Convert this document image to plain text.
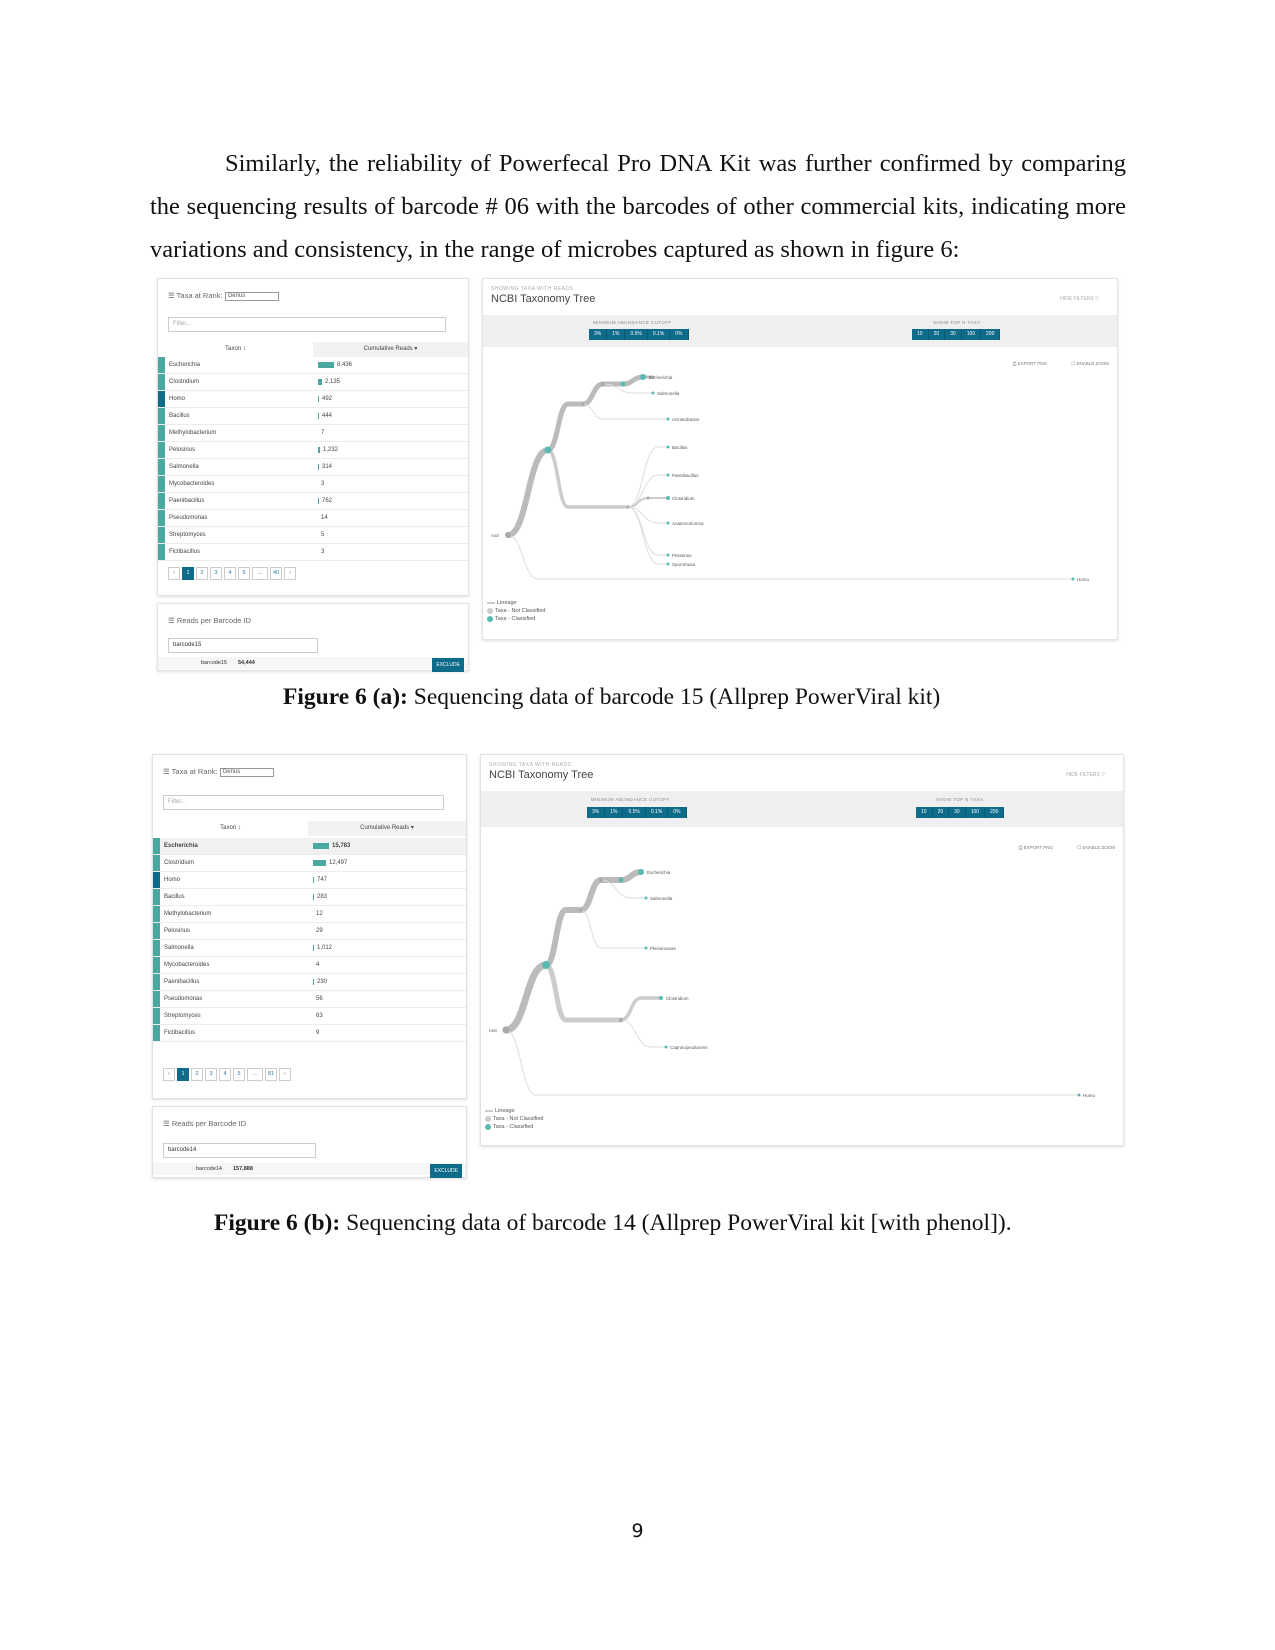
Similarly, the reliability of Powerfecal Pro DNA Kit was further confirmed by comparing the sequencing results of barcode # 06 with the barcodes of other commercial kits, indicating more variations and consistency, in the range of microbes captured as shown in figure 6:

☰ Taxa at Rank: Genus
Filter...
Taxon ↕	Cumulative Reads ▾
Escherichia	8,436
Clostridium	2,135
Homo	492
Bacillus	444
Methylobacterium	7
Pelosinus	1,232
Salmonella	314
Mycobacteroides	3
Paenibacillus	762
Pseudomonas	14
Streptomyces	5
Fictibacillus	3
‹	1	2	3	4	5	...	40	›
☰ Reads per Barcode ID
barcode15
barcode15 54,444	EXCLUDE
SHOWING TAXA WITH READS
NCBI Taxonomy Tree	HIDE FILTERS ▽
MINIMUM ABUNDANCE CUTOFF
3%	1%	0.5%	0.1%	0%
SHOW TOP N TAXA
10	20	30	100	200
⎙ EXPORT PNG	☐ ENABLE ZOOM
root
Escherichia
Salmonella
Acinetobacter
Bacillus
Paenibacillus
Clostridium
Anaerocolumna
Pelosinus
Sporomusa
Homo
Lineage
Taxa - Not Classified
Taxa - Classified
Figure 6 (a): Sequencing data of barcode 15 (Allprep PowerViral kit)
☰ Taxa at Rank: Genus
Filter...
Taxon ↕	Cumulative Reads ▾
Escherichia	15,783
Clostridium	12,497
Homo	747
Bacillus	283
Methylobacterium	12
Pelosinus	29
Salmonella	1,012
Mycobacteroides	4
Paenibacillus	230
Pseudomonas	56
Streptomyces	63
Fictibacillus	9
‹	1	2	3	4	5	...	81	›
☰ Reads per Barcode ID
barcode14
barcode14 157,888	EXCLUDE
SHOWING TAXA WITH READS
NCBI Taxonomy Tree	HIDE FILTERS ▽
MINIMUM ABUNDANCE CUTOFF
3%	1%	0.5%	0.1%	0%
SHOW TOP N TAXA
10	20	30	100	200
⎙ EXPORT PNG	☐ ENABLE ZOOM
root
Escherichia
Salmonella
Plesiomonas
Clostridium
Caproiciproducens
Homo
Lineage
Taxa - Not Classified
Taxa - Classified
Figure 6 (b): Sequencing data of barcode 14 (Allprep PowerViral kit [with phenol]).
9
